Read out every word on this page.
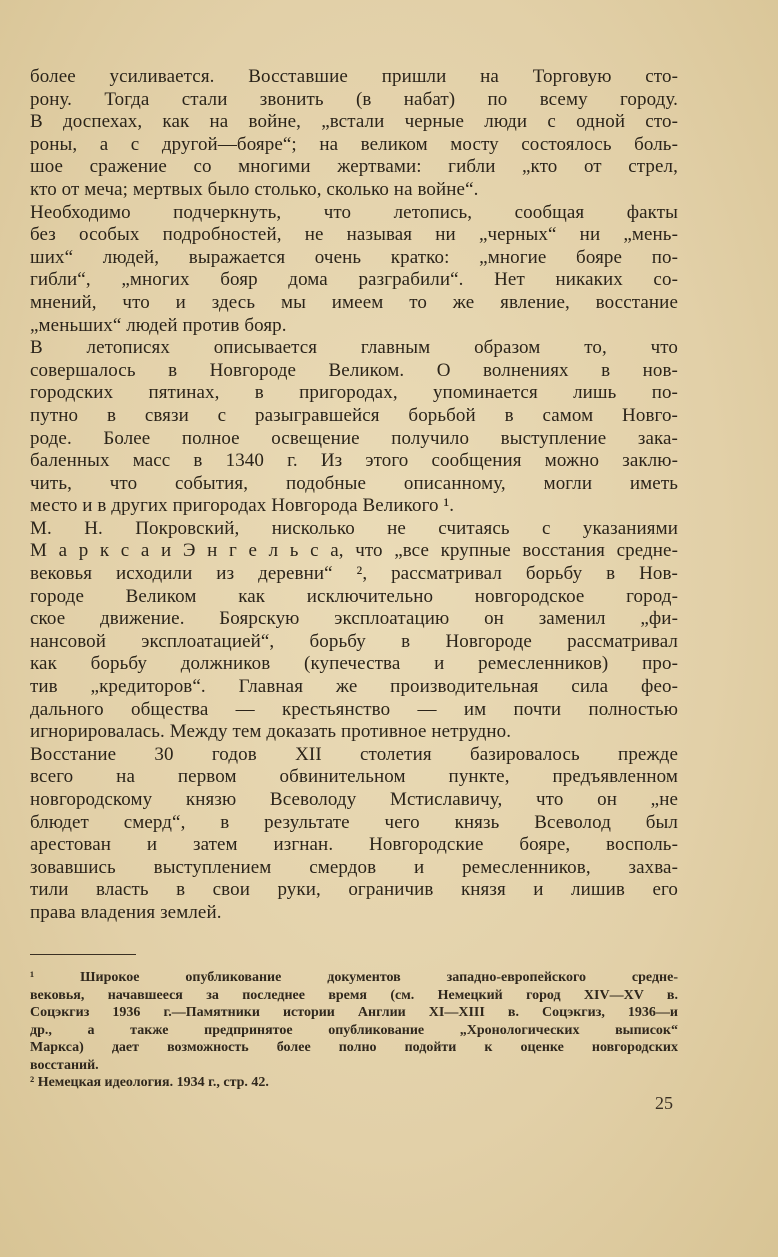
более усиливается. Восставшие пришли на Торговую сто-
рону. Тогда стали звонить (в набат) по всему городу.
В доспехах, как на войне, „встали черные люди с одной сто-
роны, а с другой—бояре“; на великом мосту состоялось боль-
шое сражение со многими жертвами: гибли „кто от стрел,
кто от меча; мертвых было столько, сколько на войне“.
Необходимо подчеркнуть, что летопись, сообщая факты
без особых подробностей, не называя ни „черных“ ни „мень-
ших“ людей, выражается очень кратко: „многие бояре по-
гибли“, „многих бояр дома разграбили“. Нет никаких со-
мнений, что и здесь мы имеем то же явление, восстание
„меньших“ людей против бояр.
В летописях описывается главным образом то, что
совершалось в Новгороде Великом. О волнениях в нов-
городских пятинах, в пригородах, упоминается лишь по-
путно в связи с разыгравшейся борьбой в самом Новго-
роде. Более полное освещение получило выступление зака-
баленных масс в 1340 г. Из этого сообщения можно заклю-
чить, что события, подобные описанному, могли иметь
место и в других пригородах Новгорода Великого ¹.
М. Н. Покровский, нисколько не считаясь с указаниями
М а р к с а и Э н г е л ь с а, что „все крупные восстания средне-
вековья исходили из деревни“ ², рассматривал борьбу в Нов-
городе Великом как исключительно новгородское город-
ское движение. Боярскую эксплоатацию он заменил „фи-
нансовой эксплоатацией“, борьбу в Новгороде рассматривал
как борьбу должников (купечества и ремесленников) про-
тив „кредиторов“. Главная же производительная сила фео-
дального общества — крестьянство — им почти полностью
игнорировалась. Между тем доказать противное нетрудно.
Восстание 30 годов XII столетия базировалось прежде
всего на первом обвинительном пункте, предъявленном
новгородскому князю Всеволоду Мстиславичу, что он „не
блюдет смерд“, в результате чего князь Всеволод был
арестован и затем изгнан. Новгородские бояре, восполь-
зовавшись выступлением смердов и ремесленников, захва-
тили власть в свои руки, ограничив князя и лишив его
права владения землей.
¹ Широкое опубликование документов западно-европейского средне-
вековья, начавшееся за последнее время (см. Немецкий город XIV—XV в.
Соцэкгиз 1936 г.—Памятники истории Англии XI—XIII в. Соцэкгиз, 1936—и
др., а также предпринятое опубликование „Хронологических выписок“
Маркса) дает возможность более полно подойти к оценке новгородских
восстаний.
² Немецкая идеология. 1934 г., стр. 42.
25
